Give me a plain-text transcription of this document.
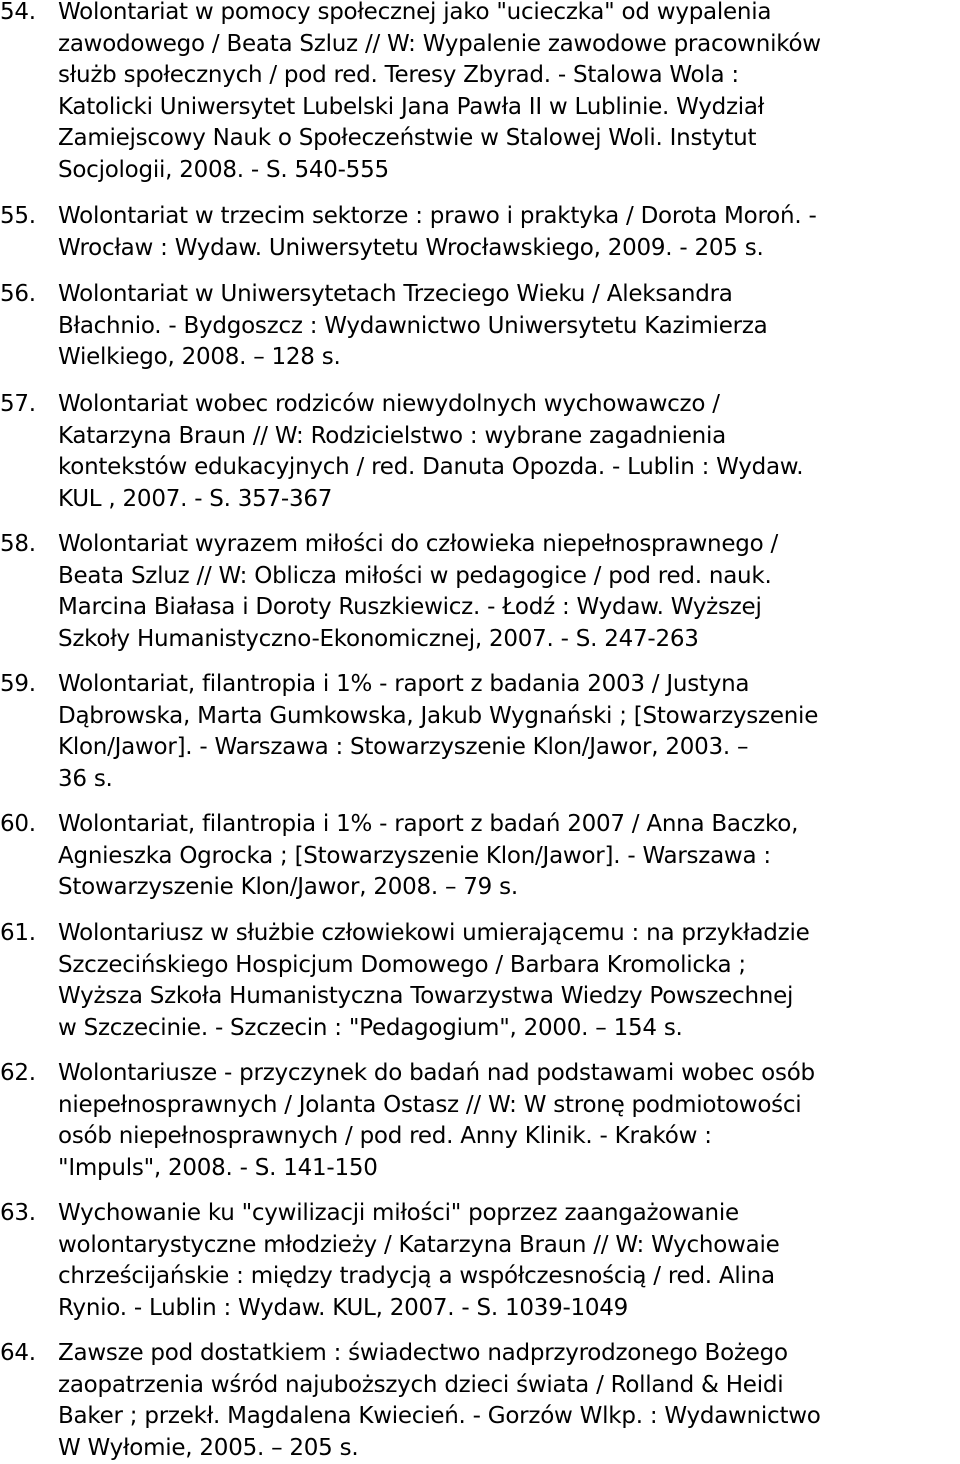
54. Wolontariat w pomocy społecznej jako "ucieczka" od wypalenia
zawodowego / Beata Szluz // W: Wypalenie zawodowe pracowników
służb społecznych / pod red. Teresy Zbyrad. - Stalowa Wola :
Katolicki Uniwersytet Lubelski Jana Pawła II w Lublinie. Wydział
Zamiejscowy Nauk o Społeczeństwie w Stalowej Woli. Instytut
Socjologii, 2008. - S. 540-555
55. Wolontariat w trzecim sektorze : prawo i praktyka / Dorota Moroń. -
Wrocław : Wydaw. Uniwersytetu Wrocławskiego, 2009. - 205 s.
56. Wolontariat w Uniwersytetach Trzeciego Wieku / Aleksandra
Błachnio. - Bydgoszcz : Wydawnictwo Uniwersytetu Kazimierza
Wielkiego, 2008. – 128 s.
57. Wolontariat wobec rodziców niewydolnych wychowawczo /
Katarzyna Braun // W: Rodzicielstwo : wybrane zagadnienia
kontekstów edukacyjnych / red. Danuta Opozda. - Lublin : Wydaw.
KUL , 2007. - S. 357-367
58. Wolontariat wyrazem miłości do człowieka niepełnosprawnego /
Beata Szluz // W: Oblicza miłości w pedagogice / pod red. nauk.
Marcina Białasa i Doroty Ruszkiewicz. - Łodź : Wydaw. Wyższej
Szkoły Humanistyczno-Ekonomicznej, 2007. - S. 247-263
59. Wolontariat, filantropia i 1% - raport z badania 2003 / Justyna
Dąbrowska, Marta Gumkowska, Jakub Wygnański ; [Stowarzyszenie
Klon/Jawor]. - Warszawa : Stowarzyszenie Klon/Jawor, 2003. –
36 s.
60. Wolontariat, filantropia i 1% - raport z badań 2007 / Anna Baczko,
Agnieszka Ogrocka ; [Stowarzyszenie Klon/Jawor]. - Warszawa :
Stowarzyszenie Klon/Jawor, 2008. – 79 s.
61. Wolontariusz w służbie człowiekowi umierającemu : na przykładzie
Szczecińskiego Hospicjum Domowego / Barbara Kromolicka ;
Wyższa Szkoła Humanistyczna Towarzystwa Wiedzy Powszechnej
w Szczecinie. - Szczecin : "Pedagogium", 2000. – 154 s.
62. Wolontariusze - przyczynek do badań nad podstawami wobec osób
niepełnosprawnych / Jolanta Ostasz // W: W stronę podmiotowości
osób niepełnosprawnych / pod red. Anny Klinik. - Kraków :
"Impuls", 2008. - S. 141-150
63. Wychowanie ku "cywilizacji miłości" poprzez zaangażowanie
wolontarystyczne młodzieży / Katarzyna Braun // W: Wychowaie
chrześcijańskie : między tradycją a współczesnością / red. Alina
Rynio. - Lublin : Wydaw. KUL, 2007. - S. 1039-1049
64. Zawsze pod dostatkiem : świadectwo nadprzyrodzonego Bożego
zaopatrzenia wśród najuboższych dzieci świata / Rolland & Heidi
Baker ; przekł. Magdalena Kwiecień. - Gorzów Wlkp. : Wydawnictwo
W Wyłomie, 2005. – 205 s.
